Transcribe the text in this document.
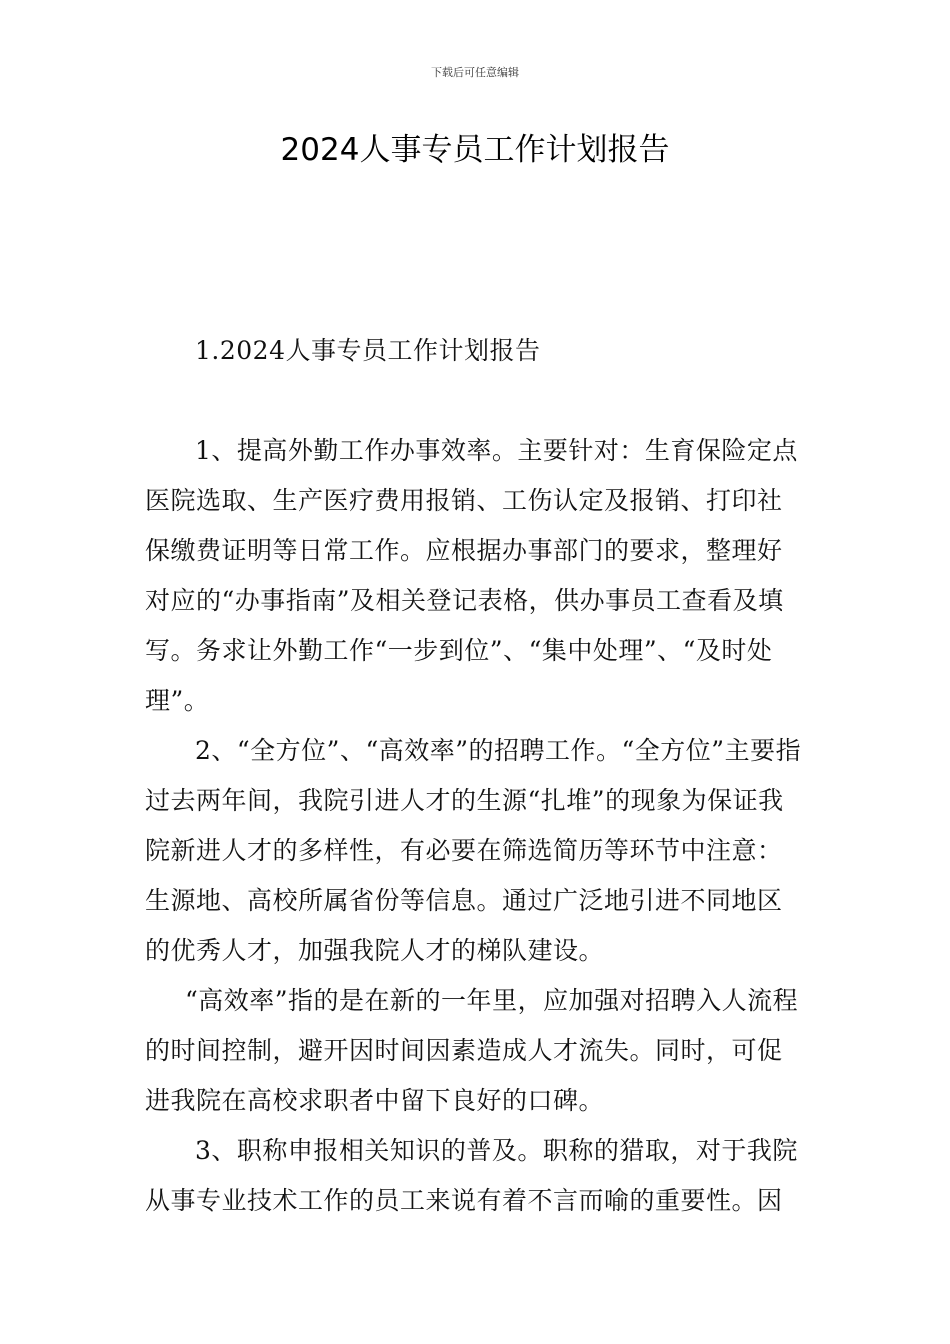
下载后可任意编辑
2024人事专员工作计划报告

1.2024人事专员工作计划报告

1、提高外勤工作办事效率。主要针对：生育保险定点医院选取、生产医疗费用报销、工伤认定及报销、打印社保缴费证明等日常工作。应根据办事部门的要求，整理好对应的“办事指南”及相关登记表格，供办事员工查看及填写。务求让外勤工作“一步到位”、“集中处理”、“及时处理”。

2、“全方位”、“高效率”的招聘工作。“全方位”主要指过去两年间，我院引进人才的生源“扎堆”的现象为保证我院新进人才的多样性，有必要在筛选简历等环节中注意：生源地、高校所属省份等信息。通过广泛地引进不同地区的优秀人才，加强我院人才的梯队建设。

“高效率”指的是在新的一年里，应加强对招聘入人流程的时间控制，避开因时间因素造成人才流失。同时，可促进我院在高校求职者中留下良好的口碑。

3、职称申报相关知识的普及。职称的猎取，对于我院从事专业技术工作的员工来说有着不言而喻的重要性。因
